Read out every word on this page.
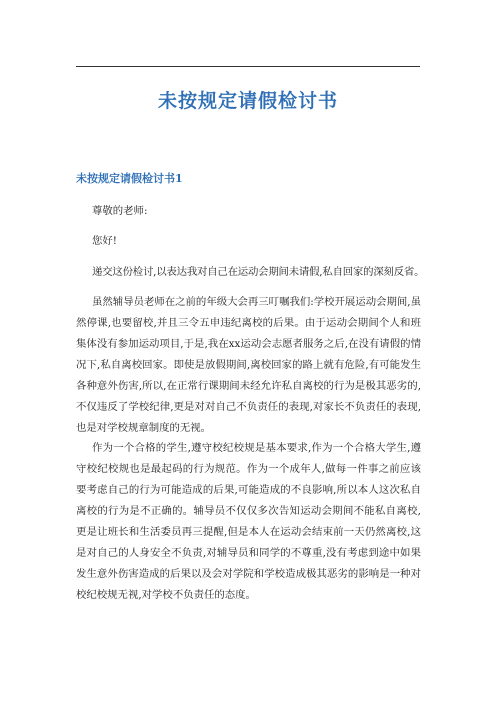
未按规定请假检讨书
未按规定请假检讨书1

尊敬的老师:

您好!

递交这份检讨,以表达我对自己在运动会期间未请假,私自回家的深刻反省。

虽然辅导员老师在之前的年级大会再三叮嘱我们:学校开展运动会期间,虽然停课,也要留校,并且三令五申违纪离校的后果。由于运动会期间个人和班集体没有参加运动项目,于是,我在xx运动会志愿者服务之后,在没有请假的情况下,私自离校回家。即使是放假期间,离校回家的路上就有危险,有可能发生各种意外伤害,所以,在正常行课期间未经允许私自离校的行为是极其恶劣的,不仅违反了学校纪律,更是对对自己不负责任的表现,对家长不负责任的表现,也是对学校规章制度的无视。

作为一个合格的学生,遵守校纪校规是基本要求,作为一个合格大学生,遵守校纪校规也是最起码的行为规范。作为一个成年人,做每一件事之前应该要考虑自己的行为可能造成的后果,可能造成的不良影响,所以本人这次私自离校的行为是不正确的。辅导员不仅仅多次告知运动会期间不能私自离校,更是让班长和生活委员再三提醒,但是本人在运动会结束前一天仍然离校,这是对自己的人身安全不负责,对辅导员和同学的不尊重,没有考虑到途中如果发生意外伤害造成的后果以及会对学院和学校造成极其恶劣的影响是一种对校纪校规无视,对学校不负责任的态度。
